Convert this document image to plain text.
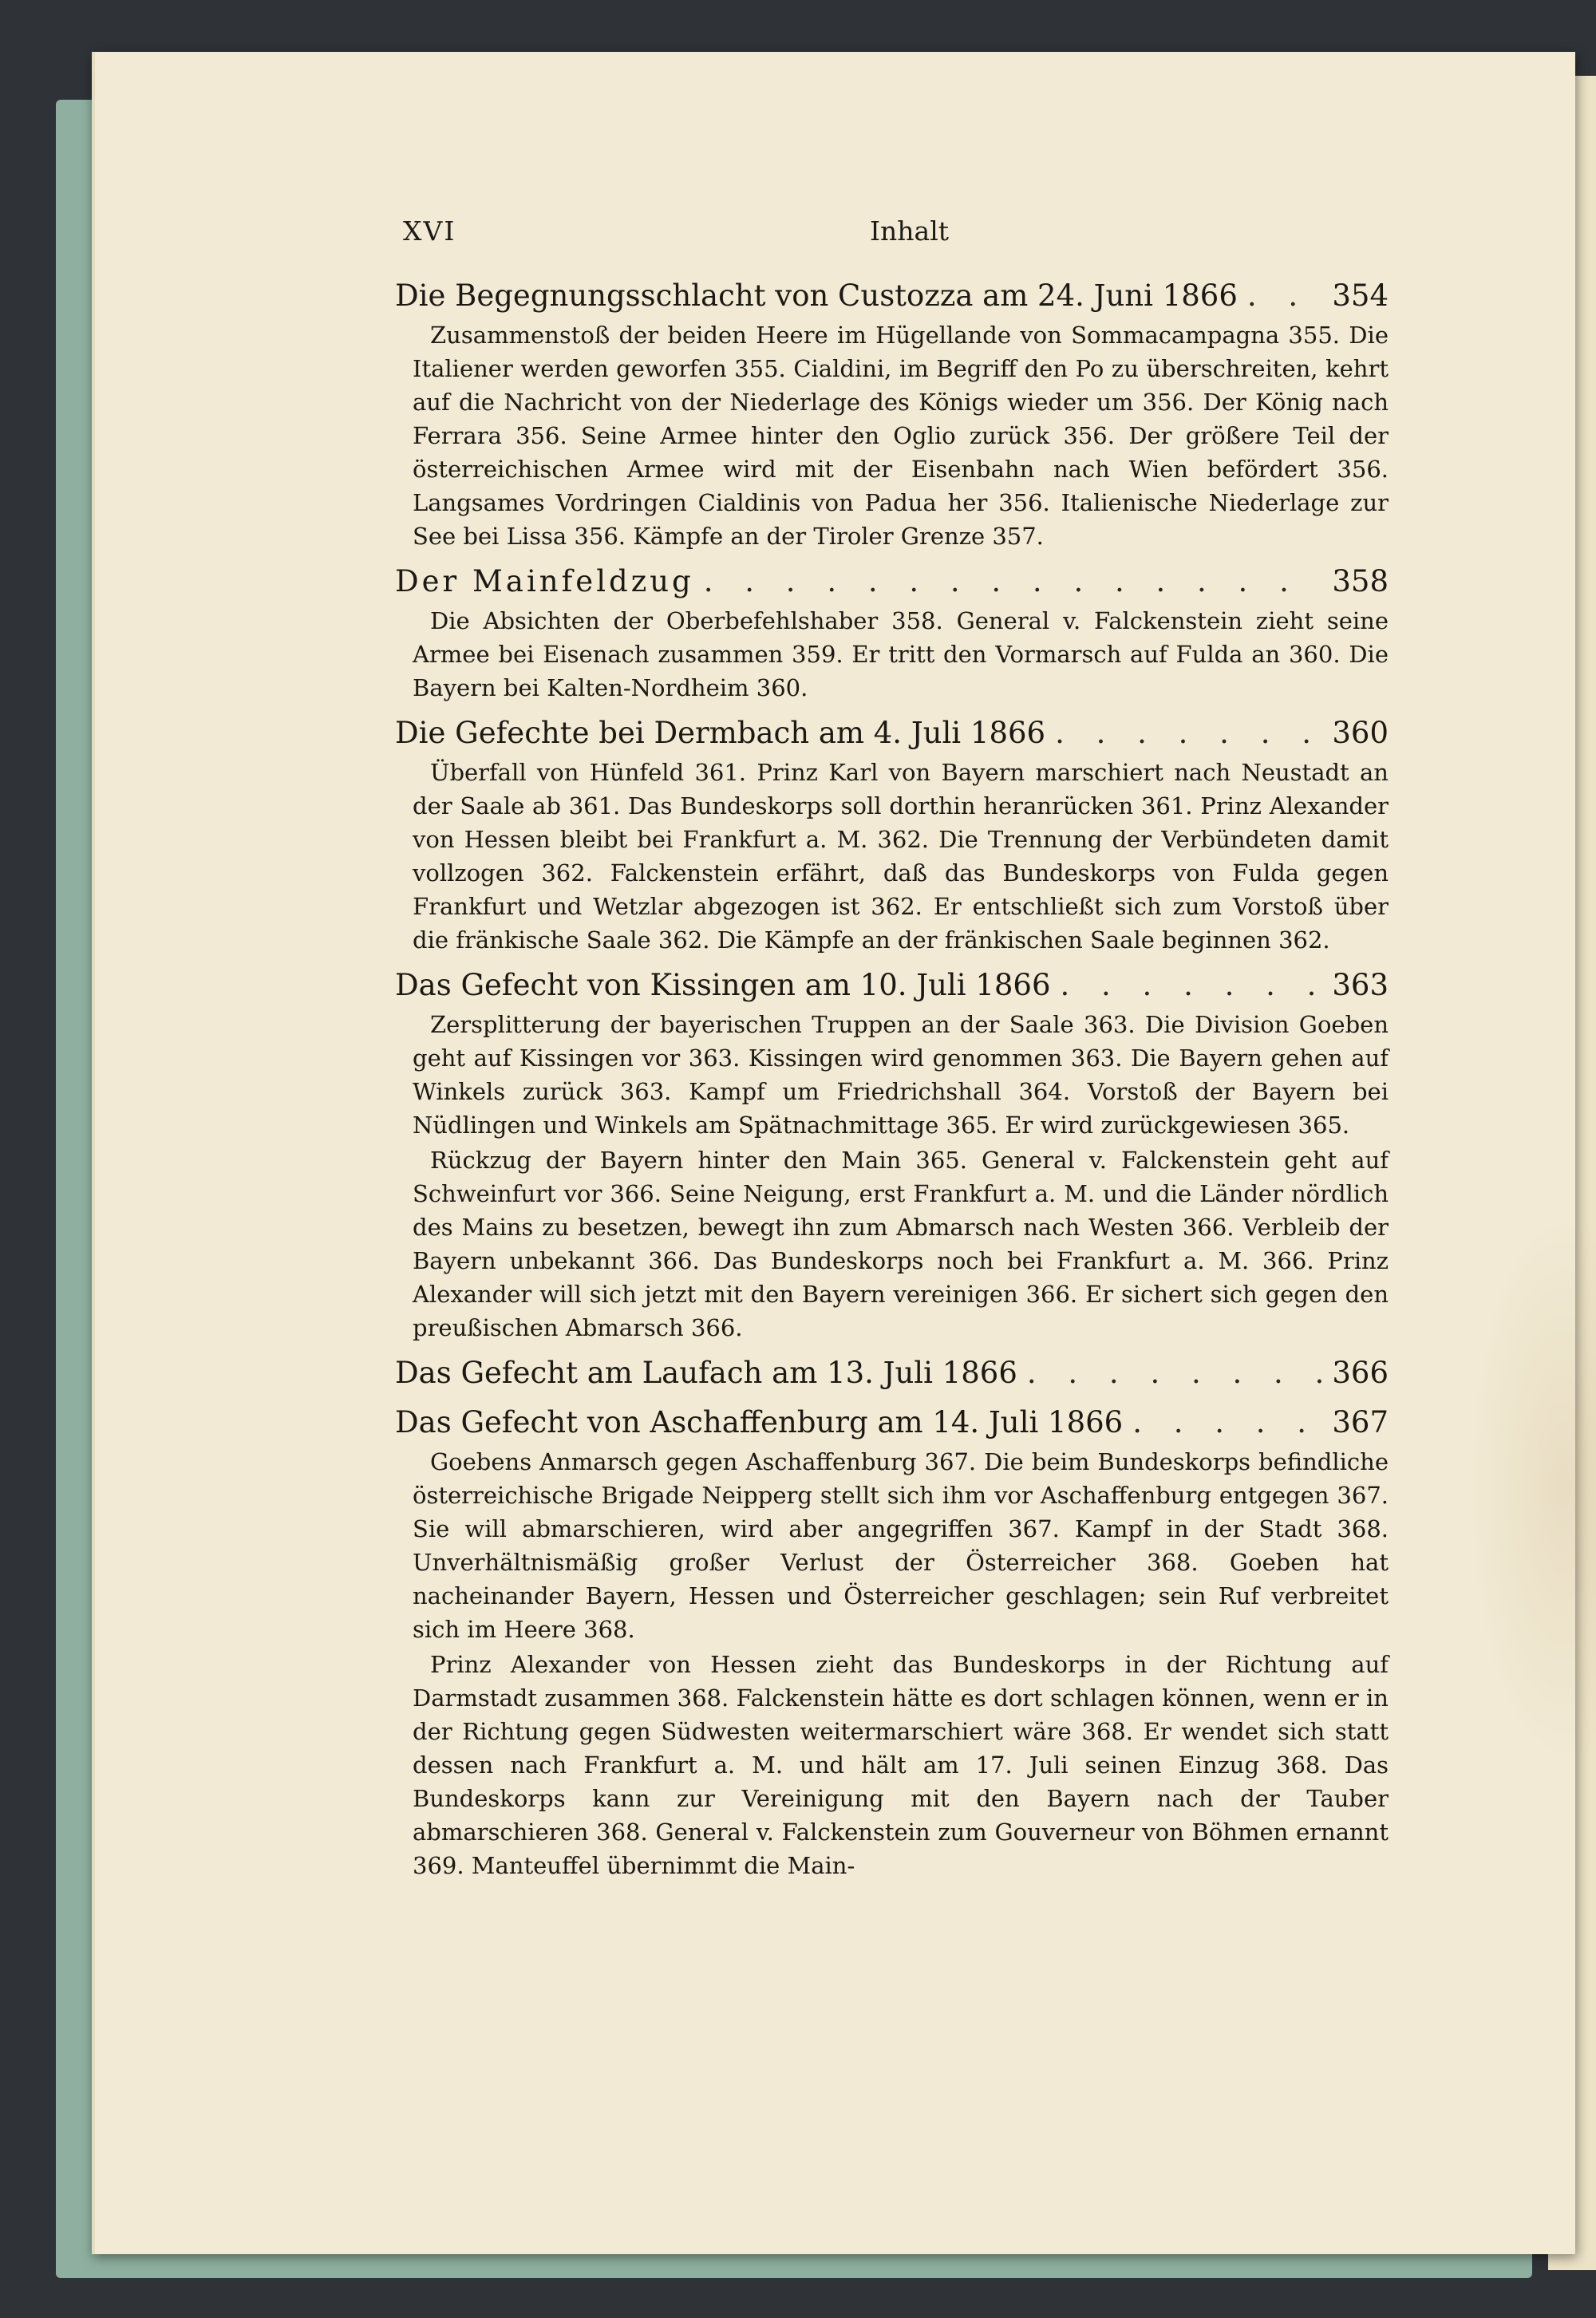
XVI	Inhalt
Die Begegnungsschlacht von Custozza am 24. Juni 1866 . . .	354

Zusammenstoß der beiden Heere im Hügellande von Sommacampagna 355. Die Italiener werden geworfen 355. Cialdini, im Begriff den Po zu überschreiten, kehrt auf die Nachricht von der Niederlage des Königs wieder um 356. Der König nach Ferrara 356. Seine Armee hinter den Oglio zurück 356. Der größere Teil der österreichischen Armee wird mit der Eisenbahn nach Wien befördert 356. Langsames Vordringen Cialdinis von Padua her 356. Italienische Niederlage zur See bei Lissa 356. Kämpfe an der Tiroler Grenze 357.

Der Mainfeldzug . . .	358

Die Absichten der Oberbefehlshaber 358. General v. Falckenstein zieht seine Armee bei Eisenach zusammen 359. Er tritt den Vormarsch auf Fulda an 360. Die Bayern bei Kalten-Nordheim 360.

Die Gefechte bei Dermbach am 4. Juli 1866 . . .	360

Überfall von Hünfeld 361. Prinz Karl von Bayern marschiert nach Neustadt an der Saale ab 361. Das Bundeskorps soll dorthin heranrücken 361. Prinz Alexander von Hessen bleibt bei Frankfurt a. M. 362. Die Trennung der Verbündeten damit vollzogen 362. Falckenstein erfährt, daß das Bundeskorps von Fulda gegen Frankfurt und Wetzlar abgezogen ist 362. Er entschließt sich zum Vorstoß über die fränkische Saale 362. Die Kämpfe an der fränkischen Saale beginnen 362.

Das Gefecht von Kissingen am 10. Juli 1866 . . .	363

Zersplitterung der bayerischen Truppen an der Saale 363. Die Division Goeben geht auf Kissingen vor 363. Kissingen wird genommen 363. Die Bayern gehen auf Winkels zurück 363. Kampf um Friedrichshall 364. Vorstoß der Bayern bei Nüdlingen und Winkels am Spätnachmittage 365. Er wird zurückgewiesen 365.

Rückzug der Bayern hinter den Main 365. General v. Falckenstein geht auf Schweinfurt vor 366. Seine Neigung, erst Frankfurt a. M. und die Länder nördlich des Mains zu besetzen, bewegt ihn zum Abmarsch nach Westen 366. Verbleib der Bayern unbekannt 366. Das Bundeskorps noch bei Frankfurt a. M. 366. Prinz Alexander will sich jetzt mit den Bayern vereinigen 366. Er sichert sich gegen den preußischen Abmarsch 366.

Das Gefecht am Laufach am 13. Juli 1866 . . .	366
Das Gefecht von Aschaffenburg am 14. Juli 1866 . . .	367

Goebens Anmarsch gegen Aschaffenburg 367. Die beim Bundeskorps befindliche österreichische Brigade Neipperg stellt sich ihm vor Aschaffenburg entgegen 367. Sie will abmarschieren, wird aber angegriffen 367. Kampf in der Stadt 368. Unverhältnismäßig großer Verlust der Österreicher 368. Goeben hat nacheinander Bayern, Hessen und Österreicher geschlagen; sein Ruf verbreitet sich im Heere 368.

Prinz Alexander von Hessen zieht das Bundeskorps in der Richtung auf Darmstadt zusammen 368. Falckenstein hätte es dort schlagen können, wenn er in der Richtung gegen Südwesten weitermarschiert wäre 368. Er wendet sich statt dessen nach Frankfurt a. M. und hält am 17. Juli seinen Einzug 368. Das Bundeskorps kann zur Vereinigung mit den Bayern nach der Tauber abmarschieren 368. General v. Falckenstein zum Gouverneur von Böhmen ernannt 369. Manteuffel übernimmt die Main-
